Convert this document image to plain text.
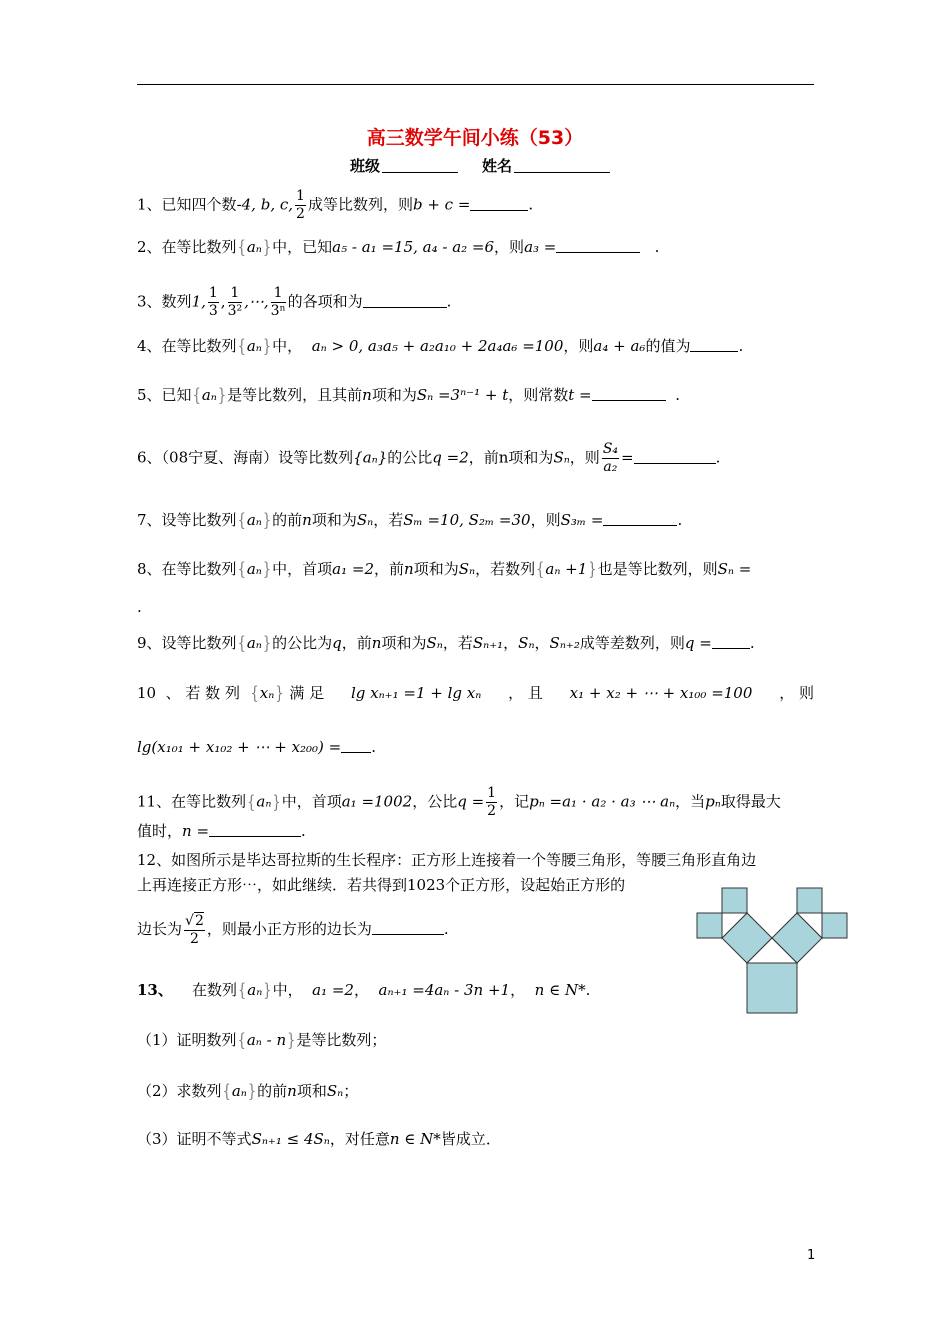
高三数学午间小练（53）
班级	姓名
1、已知四个数-4, b, c, $\frac{1}{2}$ 成等比数列，则b + c =	.
2、在等比数列{aₙ}中，已知a₅ - a₁ =15, a₄ - a₂ =6，则a₃ =	.
3、数列1, $\frac{1}{3}$ , $\frac{1}{\text{3²}}$ ,⋯, $\frac{1}{\text{3ⁿ}}$ 的各项和为	.
4、在等比数列{aₙ}中， aₙ > 0, a₃a₅ + a₂a₁₀ + 2a₄a₆ =100，则a₄ + a₆的值为	.
5、已知{aₙ}是等比数列，且其前n项和为Sₙ =3ⁿ⁻¹ + t，则常数t =	.
6、（08宁夏、海南）设等比数列{aₙ}的公比q =2，前n项和为Sₙ，则 $\frac{\text{S₄}}{\text{a₂}}$ =	.
7、设等比数列{aₙ}的前n项和为Sₙ，若Sₘ =10, S₂ₘ =30，则S₃ₘ =	.
8、在等比数列{aₙ}中，首项a₁ =2，前n项和为Sₙ，若数列{aₙ +1}也是等比数列，则Sₙ =
.
9、设等比数列{aₙ}的公比为q，前n项和为Sₙ，若Sₙ₊₁，Sₙ，Sₙ₊₂成等差数列，则q =	.
10 、 若 数 列 {xₙ} 满 足 lg xₙ₊₁ =1 + lg xₙ ， 且 x₁ + x₂ + ⋯ + x₁₀₀ =100 ， 则
lg(x₁₀₁ + x₁₀₂ + ⋯ + x₂₀₀) = .
11、在等比数列{aₙ}中，首项a₁ =1002，公比$q = \frac{1}{2}$ ，记pₙ =a₁ · a₂ · a₃ ⋯ aₙ，当pₙ取得最大
值时，n =	.
12、如图所示是毕达哥拉斯的生长程序：正方形上连接着一个等腰三角形，等腰三角形直角边
上再连接正方形⋯，如此继续．若共得到1023个正方形，设起始正方形的
边长为 $\frac{√2}{2}$ ，则最小正方形的边长为	.
13、 在数列{aₙ}中， a₁ =2， aₙ₊₁ =4aₙ - 3n +1， n ∈ N*.
（1）证明数列{aₙ - n}是等比数列；
（2）求数列{aₙ}的前n项和Sₙ；
（3）证明不等式Sₙ₊₁ ≤ 4Sₙ，对任意n ∈ N*皆成立．
1
